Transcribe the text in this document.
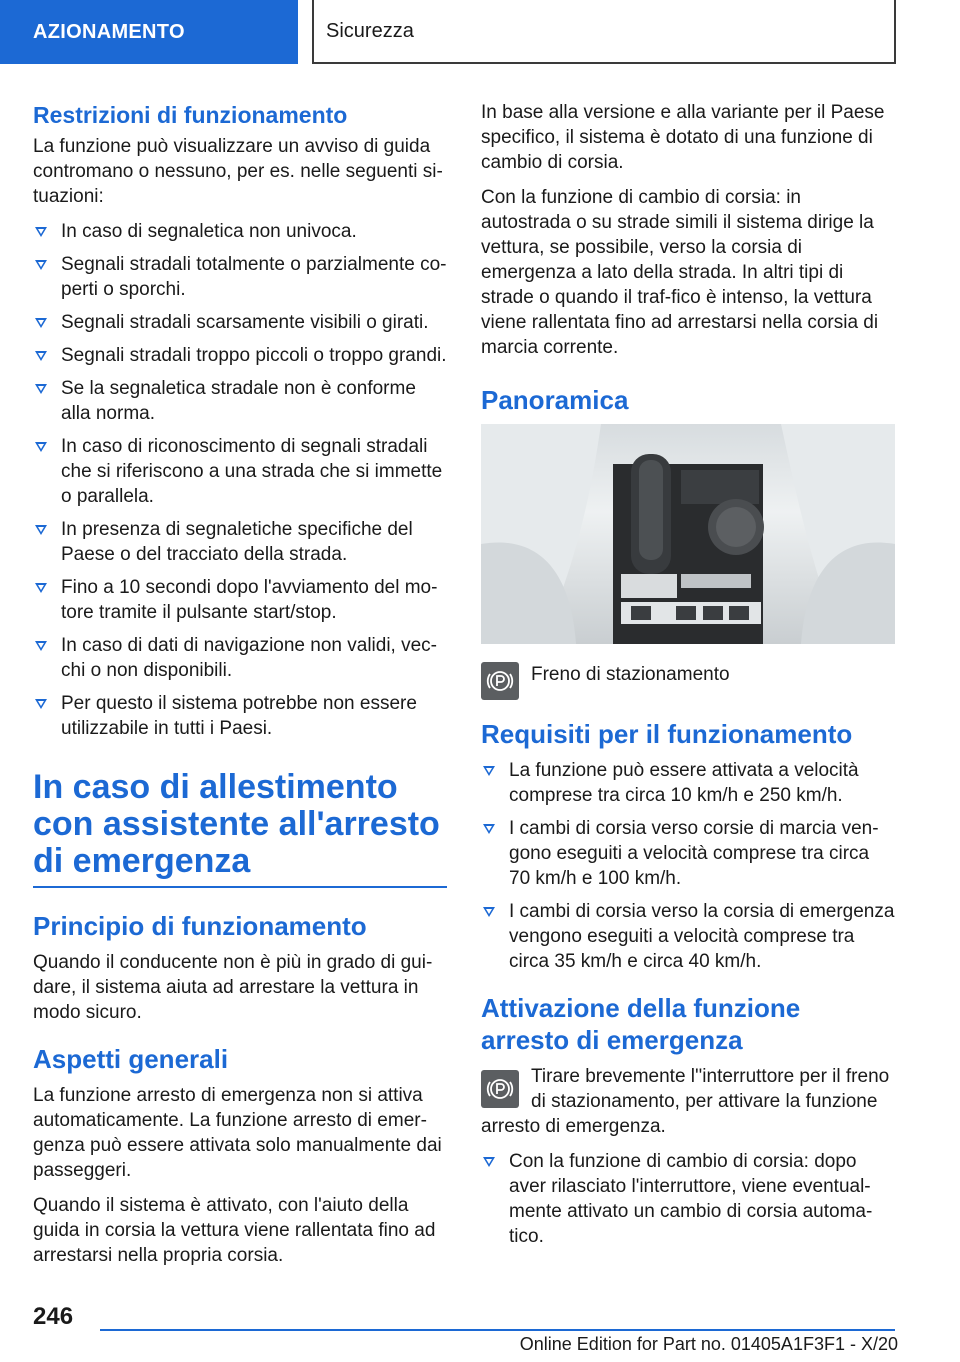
AZIONAMENTO	Sicurezza
Restrizioni di funzionamento

La funzione può visualizzare un avviso di guida contromano o nessuno, per es. nelle seguenti si-tuazioni:

In caso di segnaletica non univoca.
Segnali stradali totalmente o parzialmente co-perti o sporchi.
Segnali stradali scarsamente visibili o girati.
Segnali stradali troppo piccoli o troppo grandi.
Se la segnaletica stradale non è conforme alla norma.
In caso di riconoscimento di segnali stradali che si riferiscono a una strada che si immette o parallela.
In presenza di segnaletiche specifiche del Paese o del tracciato della strada.
Fino a 10 secondi dopo l'avviamento del mo-tore tramite il pulsante start/stop.
In caso di dati di navigazione non validi, vec-chi o non disponibili.
Per questo il sistema potrebbe non essere utilizzabile in tutti i Paesi.
In caso di allestimento con assistente all'arresto di emergenza
Principio di funzionamento

Quando il conducente non è più in grado di gui-dare, il sistema aiuta ad arrestare la vettura in modo sicuro.

Aspetti generali

La funzione arresto di emergenza non si attiva automaticamente. La funzione arresto di emer-genza può essere attivata solo manualmente dai passeggeri.

Quando il sistema è attivato, con l'aiuto della guida in corsia la vettura viene rallentata fino ad arrestarsi nella propria corsia.

In base alla versione e alla variante per il Paese specifico, il sistema è dotato di una funzione di cambio di corsia.

Con la funzione di cambio di corsia: in autostrada o su strade simili il sistema dirige la vettura, se possibile, verso la corsia di emergenza a lato della strada. In altri tipi di strade o quando il traf-fico è intenso, la vettura viene rallentata fino ad arrestarsi nella corsia di marcia corrente.

Panoramica
Freno di stazionamento
Requisiti per il funzionamento
La funzione può essere attivata a velocità comprese tra circa 10 km/h e 250 km/h.
I cambi di corsia verso corsie di marcia ven-gono eseguiti a velocità comprese tra circa 70 km/h e 100 km/h.
I cambi di corsia verso la corsia di emergenza vengono eseguiti a velocità comprese tra circa 35 km/h e circa 40 km/h.
Attivazione della funzione arresto di emergenza

Tirare brevemente l''interruttore per il freno di stazionamento, per attivare la funzione arresto di emergenza.

Con la funzione di cambio di corsia: dopo aver rilasciato l'interruttore, viene eventual-mente attivato un cambio di corsia automa-tico.
246
Online Edition for Part no. 01405A1F3F1 - X/20
